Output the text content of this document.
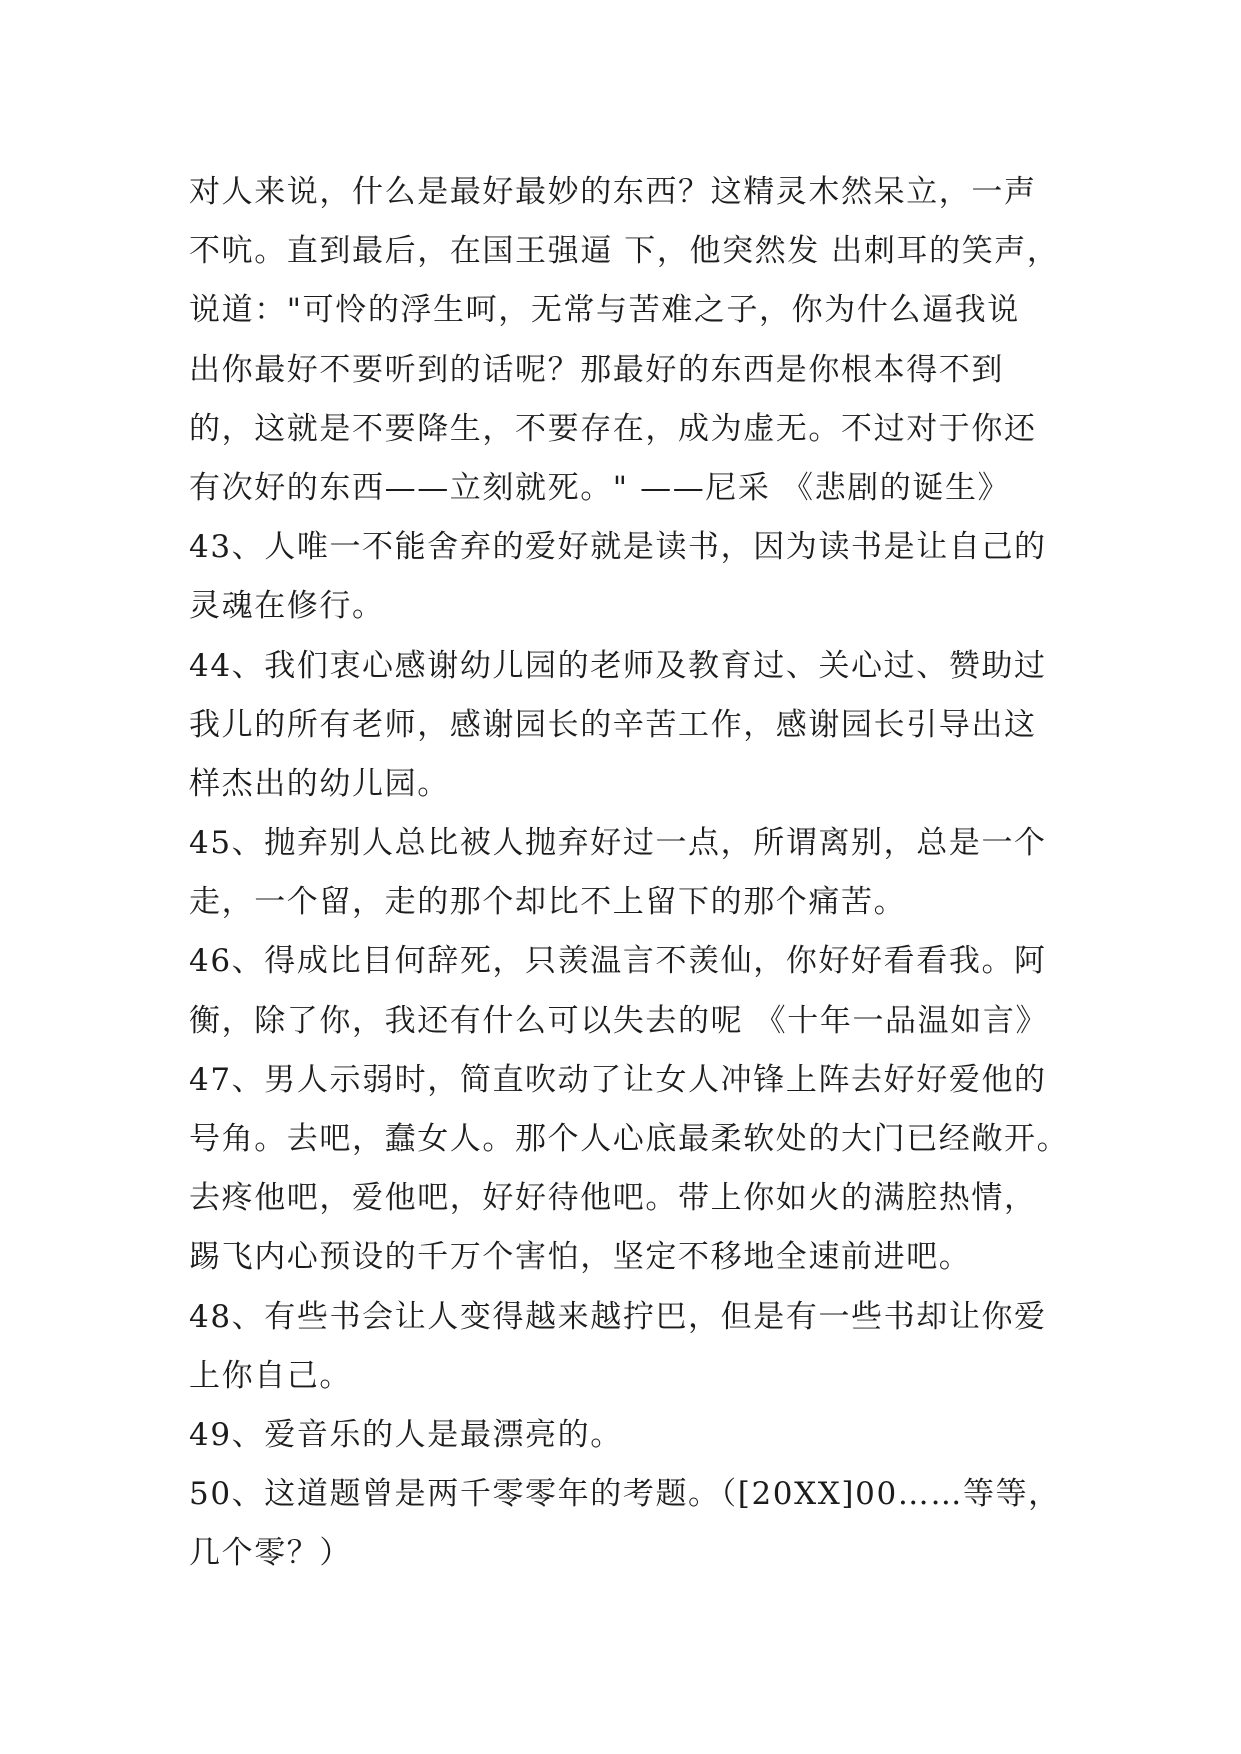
对人来说，什么是最好最妙的东西？这精灵木然呆立，一声
不吭。直到最后，在国王强逼 下，他突然发 出刺耳的笑声，
说道："可怜的浮生呵，无常与苦难之子，你为什么逼我说
出你最好不要听到的话呢？那最好的东西是你根本得不到
的，这就是不要降生，不要存在，成为虚无。不过对于你还
有次好的东西——立刻就死。" ——尼采 《悲剧的诞生》
43、人唯一不能舍弃的爱好就是读书，因为读书是让自己的
灵魂在修行。
44、我们衷心感谢幼儿园的老师及教育过、关心过、赞助过
我儿的所有老师，感谢园长的辛苦工作，感谢园长引导出这
样杰出的幼儿园。
45、抛弃别人总比被人抛弃好过一点，所谓离别，总是一个
走，一个留，走的那个却比不上留下的那个痛苦。
46、得成比目何辞死，只羡温言不羡仙，你好好看看我。阿
衡，除了你，我还有什么可以失去的呢 《十年一品温如言》
47、男人示弱时，简直吹动了让女人冲锋上阵去好好爱他的
号角。去吧，蠢女人。那个人心底最柔软处的大门已经敞开。
去疼他吧，爱他吧，好好待他吧。带上你如火的满腔热情，
踢飞内心预设的千万个害怕，坚定不移地全速前进吧。
48、有些书会让人变得越来越拧巴，但是有一些书却让你爱
上你自己。
49、爱音乐的人是最漂亮的。
50、这道题曾是两千零零年的考题。（[20XX]00……等等，
几个零？）
